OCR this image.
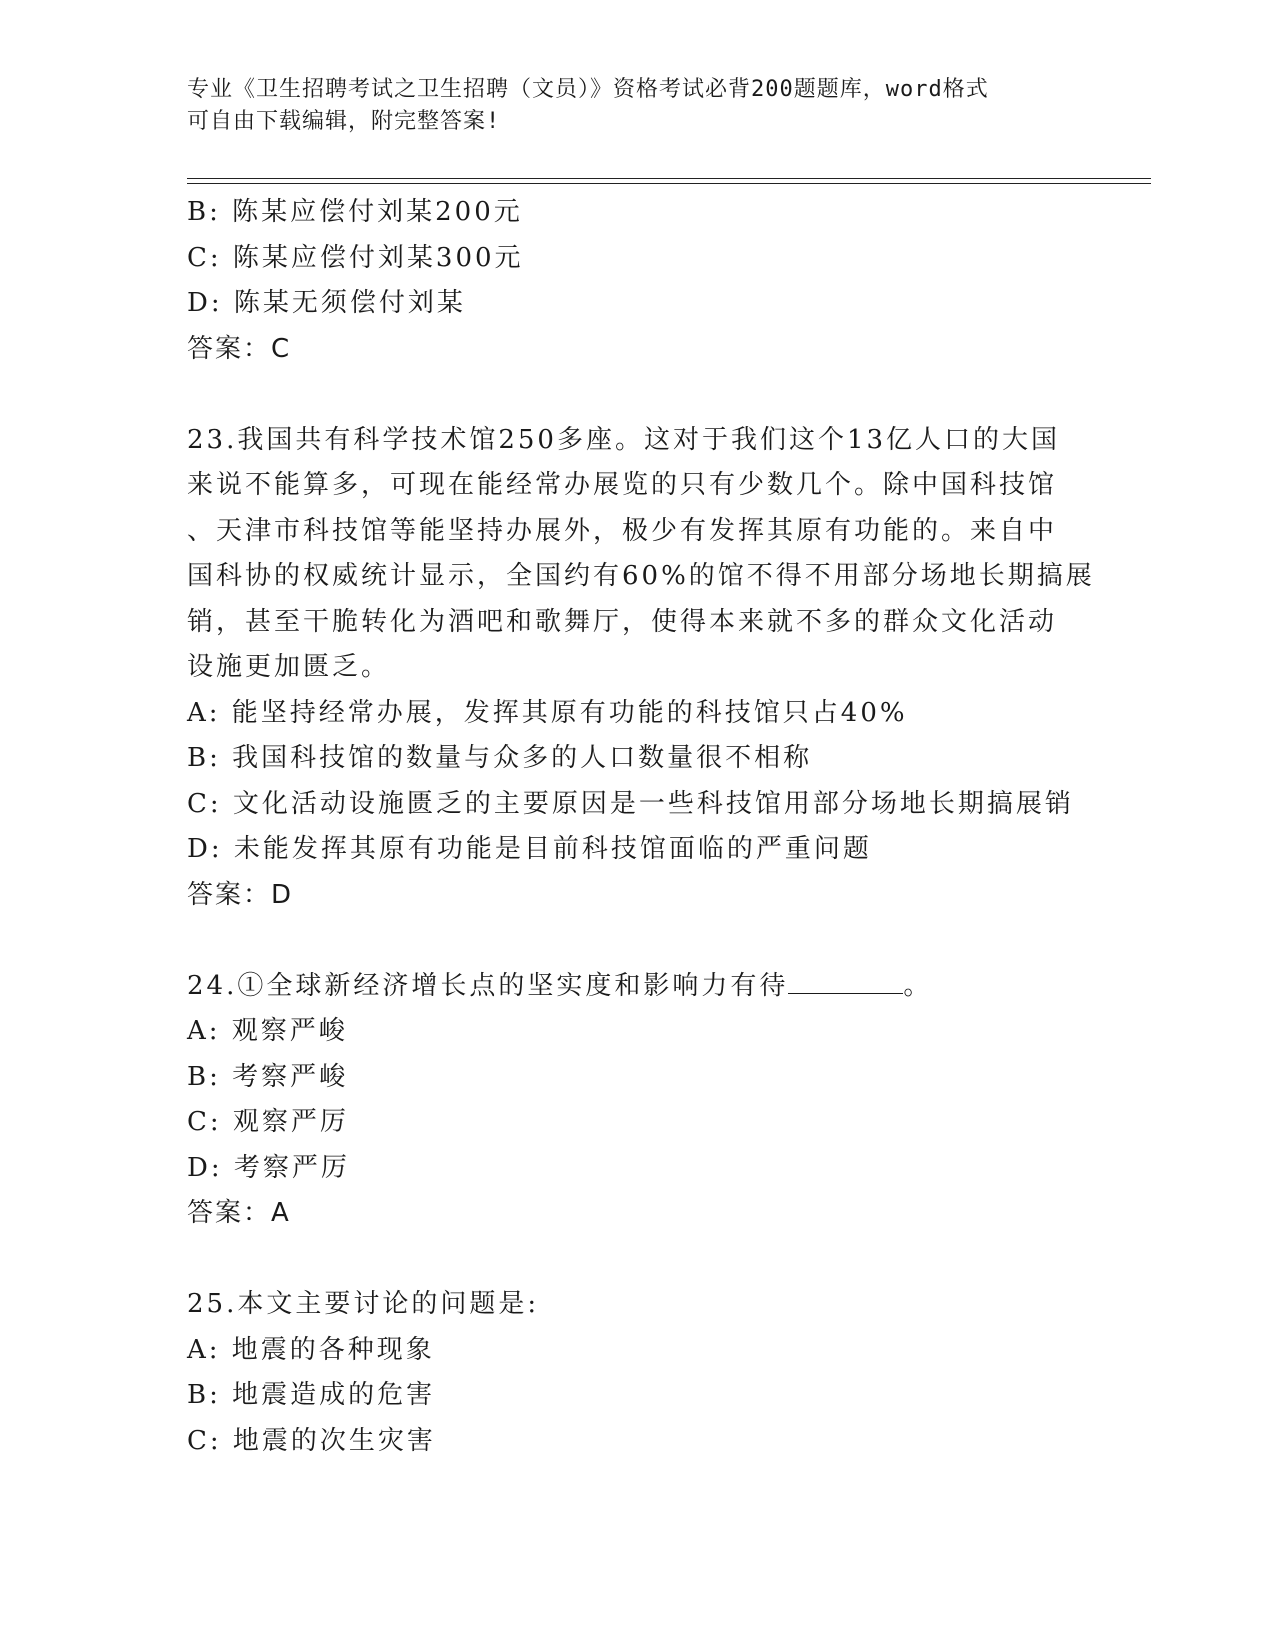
专业《卫生招聘考试之卫生招聘（文员）》资格考试必背200题题库，word格式
可自由下载编辑，附完整答案!
B: 陈某应偿付刘某200元
C: 陈某应偿付刘某300元
D: 陈某无须偿付刘某
答案：C
23.我国共有科学技术馆250多座。这对于我们这个13亿人口的大国
来说不能算多，可现在能经常办展览的只有少数几个。除中国科技馆
、天津市科技馆等能坚持办展外，极少有发挥其原有功能的。来自中
国科协的权威统计显示，全国约有60%的馆不得不用部分场地长期搞展
销，甚至干脆转化为酒吧和歌舞厅，使得本来就不多的群众文化活动
设施更加匮乏。
A: 能坚持经常办展，发挥其原有功能的科技馆只占40%
B: 我国科技馆的数量与众多的人口数量很不相称
C: 文化活动设施匮乏的主要原因是一些科技馆用部分场地长期搞展销
D: 未能发挥其原有功能是目前科技馆面临的严重问题
答案：D
24.①全球新经济增长点的坚实度和影响力有待	。
A: 观察严峻
B: 考察严峻
C: 观察严厉
D: 考察严厉
答案：A
25.本文主要讨论的问题是:
A: 地震的各种现象
B: 地震造成的危害
C: 地震的次生灾害
